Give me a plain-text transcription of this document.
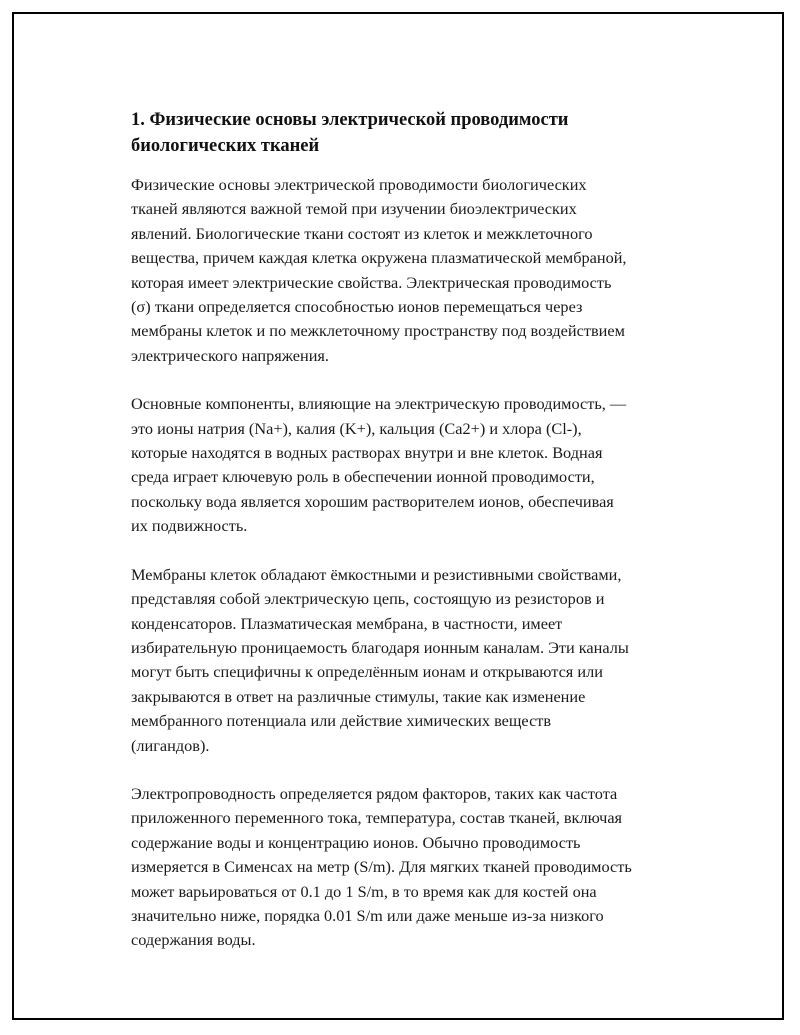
1. Физические основы электрической проводимости
биологических тканей

Физические основы электрической проводимости биологических
тканей являются важной темой при изучении биоэлектрических
явлений. Биологические ткани состоят из клеток и межклеточного
вещества, причем каждая клетка окружена плазматической мембраной,
которая имеет электрические свойства. Электрическая проводимость
(σ) ткани определяется способностью ионов перемещаться через
мембраны клеток и по межклеточному пространству под воздействием
электрического напряжения.

Основные компоненты, влияющие на электрическую проводимость, —
это ионы натрия (Na+), калия (K+), кальция (Ca2+) и хлора (Cl-),
которые находятся в водных растворах внутри и вне клеток. Водная
среда играет ключевую роль в обеспечении ионной проводимости,
поскольку вода является хорошим растворителем ионов, обеспечивая
их подвижность.

Мембраны клеток обладают ёмкостными и резистивными свойствами,
представляя собой электрическую цепь, состоящую из резисторов и
конденсаторов. Плазматическая мембрана, в частности, имеет
избирательную проницаемость благодаря ионным каналам. Эти каналы
могут быть специфичны к определённым ионам и открываются или
закрываются в ответ на различные стимулы, такие как изменение
мембранного потенциала или действие химических веществ
(лигандов).

Электропроводность определяется рядом факторов, таких как частота
приложенного переменного тока, температура, состав тканей, включая
содержание воды и концентрацию ионов. Обычно проводимость
измеряется в Сименсах на метр (S/m). Для мягких тканей проводимость
может варьироваться от 0.1 до 1 S/m, в то время как для костей она
значительно ниже, порядка 0.01 S/m или даже меньше из-за низкого
содержания воды.
